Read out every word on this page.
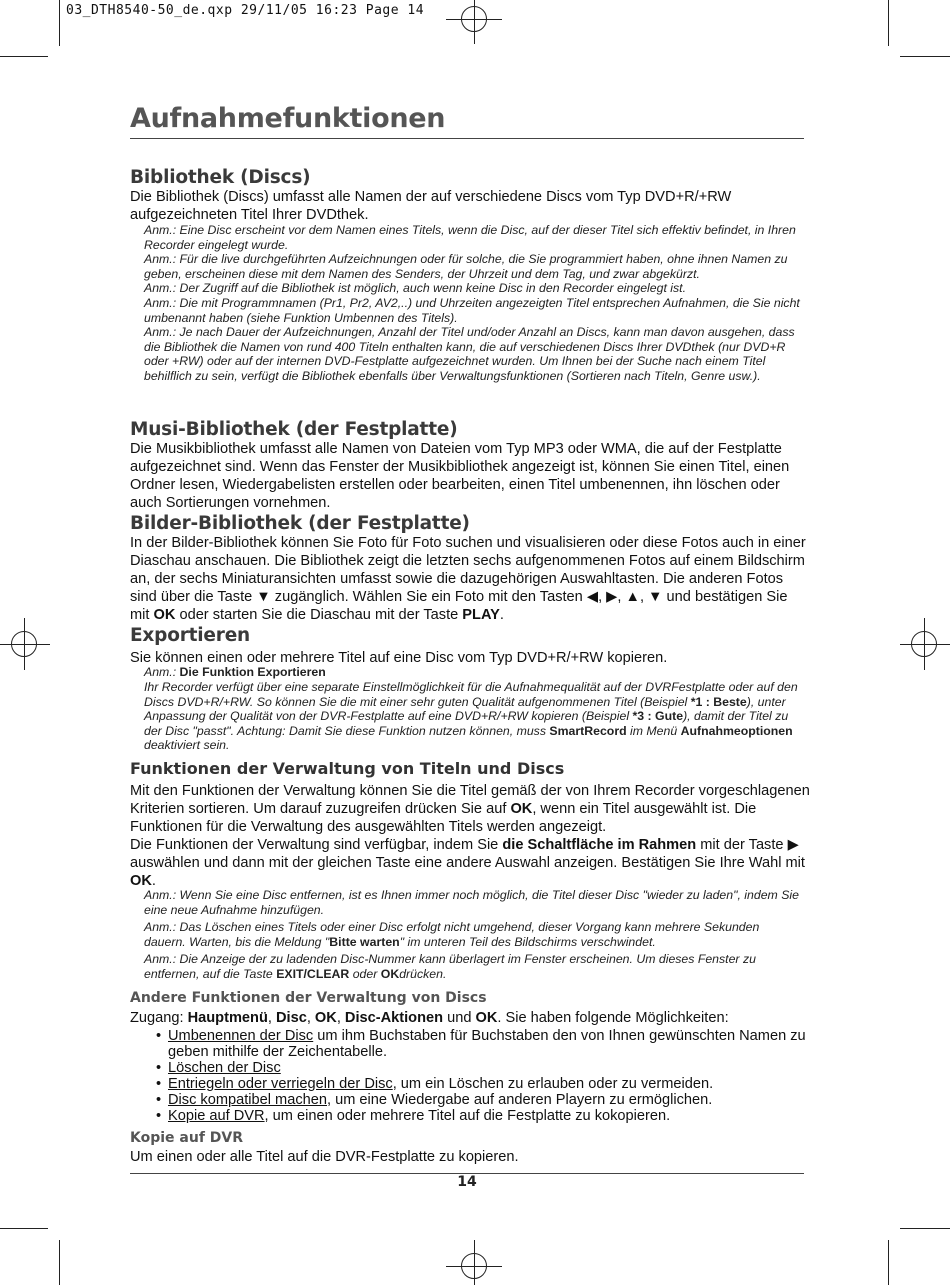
03_DTH8540-50_de.qxp 29/11/05 16:23 Page 14
Aufnahmefunktionen
Bibliothek (Discs)
Die Bibliothek (Discs) umfasst alle Namen der auf verschiedene Discs vom Typ DVD+R/+RW aufgezeichneten Titel Ihrer DVDthek.
Anm.: Eine Disc erscheint vor dem Namen eines Titels, wenn die Disc, auf der dieser Titel sich effektiv befindet, in Ihren Recorder eingelegt wurde.
Anm.: Für die live durchgeführten Aufzeichnungen oder für solche, die Sie programmiert haben, ohne ihnen Namen zu geben, erscheinen diese mit dem Namen des Senders, der Uhrzeit und dem Tag, und zwar abgekürzt.
Anm.: Der Zugriff auf die Bibliothek ist möglich, auch wenn keine Disc in den Recorder eingelegt ist.
Anm.: Die mit Programmnamen (Pr1, Pr2, AV2,..) und Uhrzeiten angezeigten Titel entsprechen Aufnahmen, die Sie nicht umbenannt haben (siehe Funktion Umbennen des Titels).
Anm.: Je nach Dauer der Aufzeichnungen, Anzahl der Titel und/oder Anzahl an Discs, kann man davon ausgehen, dass die Bibliothek die Namen von rund 400 Titeln enthalten kann, die auf verschiedenen Discs Ihrer DVDthek (nur DVD+R oder +RW) oder auf der internen DVD-Festplatte aufgezeichnet wurden. Um Ihnen bei der Suche nach einem Titel behilflich zu sein, verfügt die Bibliothek ebenfalls über Verwaltungsfunktionen (Sortieren nach Titeln, Genre usw.).
Musi-Bibliothek (der Festplatte)
Die Musikbibliothek umfasst alle Namen von Dateien vom Typ MP3 oder WMA, die auf der Festplatte aufgezeichnet sind. Wenn das Fenster der Musikbibliothek angezeigt ist, können Sie einen Titel, einen Ordner lesen, Wiedergabelisten erstellen oder bearbeiten, einen Titel umbenennen, ihn löschen oder auch Sortierungen vornehmen.
Bilder-Bibliothek (der Festplatte)
In der Bilder-Bibliothek können Sie Foto für Foto suchen und visualisieren oder diese Fotos auch in einer Diaschau anschauen. Die Bibliothek zeigt die letzten sechs aufgenommenen Fotos auf einem Bildschirm an, der sechs Miniaturansichten umfasst sowie die dazugehörigen Auswahltasten. Die anderen Fotos sind über die Taste ▼ zugänglich. Wählen Sie ein Foto mit den Tasten ◀, ▶, ▲, ▼ und bestätigen Sie mit OK oder starten Sie die Diaschau mit der Taste PLAY.
Exportieren
Sie können einen oder mehrere Titel auf eine Disc vom Typ DVD+R/+RW kopieren.
Anm.: Die Funktion Exportieren
Ihr Recorder verfügt über eine separate Einstellmöglichkeit für die Aufnahmequalität auf der DVRFestplatte oder auf den Discs DVD+R/+RW. So können Sie die mit einer sehr guten Qualität aufgenommenen Titel (Beispiel *1 : Beste), unter Anpassung der Qualität von der DVR-Festplatte auf eine DVD+R/+RW kopieren (Beispiel *3 : Gute), damit der Titel zu der Disc "passt". Achtung: Damit Sie diese Funktion nutzen können, muss SmartRecord im Menü Aufnahmeoptionen deaktiviert sein.
Funktionen der Verwaltung von Titeln und Discs
Mit den Funktionen der Verwaltung können Sie die Titel gemäß der von Ihrem Recorder vorgeschlagenen Kriterien sortieren. Um darauf zuzugreifen drücken Sie auf OK, wenn ein Titel ausgewählt ist. Die Funktionen für die Verwaltung des ausgewählten Titels werden angezeigt.
Die Funktionen der Verwaltung sind verfügbar, indem Sie die Schaltfläche im Rahmen mit der Taste ▶ auswählen und dann mit der gleichen Taste eine andere Auswahl anzeigen. Bestätigen Sie Ihre Wahl mit OK.
Anm.: Wenn Sie eine Disc entfernen, ist es Ihnen immer noch möglich, die Titel dieser Disc "wieder zu laden", indem Sie eine neue Aufnahme hinzufügen.
Anm.: Das Löschen eines Titels oder einer Disc erfolgt nicht umgehend, dieser Vorgang kann mehrere Sekunden dauern. Warten, bis die Meldung "Bitte warten" im unteren Teil des Bildschirms verschwindet.
Anm.: Die Anzeige der zu ladenden Disc-Nummer kann überlagert im Fenster erscheinen. Um dieses Fenster zu entfernen, auf die Taste EXIT/CLEAR oder OKdrücken.
Andere Funktionen der Verwaltung von Discs
Zugang: Hauptmenü, Disc, OK, Disc-Aktionen und OK. Sie haben folgende Möglichkeiten:
• Umbenennen der Disc um ihm Buchstaben für Buchstaben den von Ihnen gewünschten Namen zu geben mithilfe der Zeichentabelle.
• Löschen der Disc
• Entriegeln oder verriegeln der Disc, um ein Löschen zu erlauben oder zu vermeiden.
• Disc kompatibel machen, um eine Wiedergabe auf anderen Playern zu ermöglichen.
• Kopie auf DVR, um einen oder mehrere Titel auf die Festplatte zu kokopieren.
Kopie auf DVR
Um einen oder alle Titel auf die DVR-Festplatte zu kopieren.
14
